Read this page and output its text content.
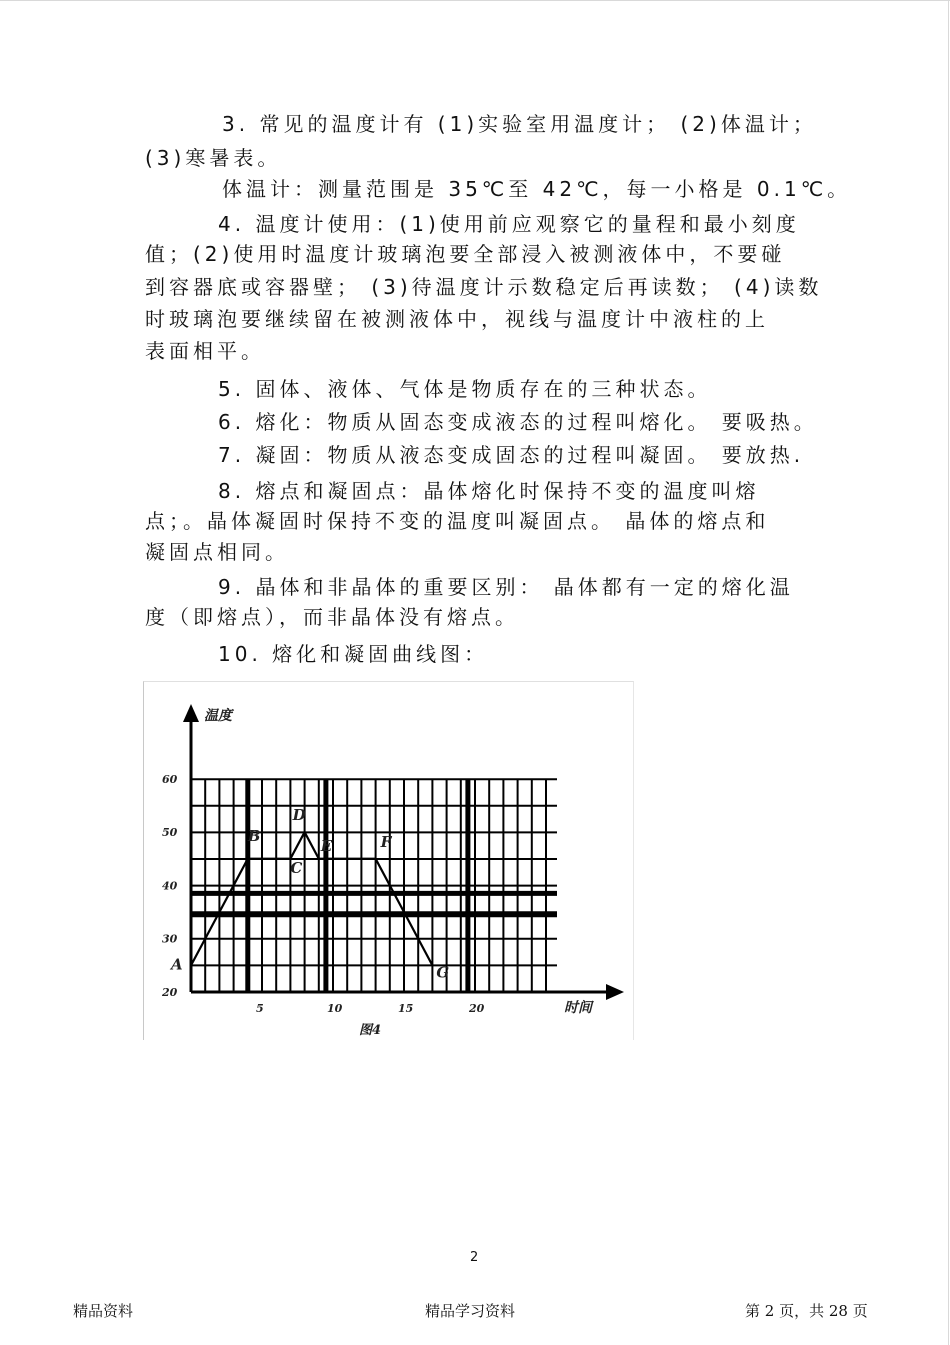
3. 常见的温度计有 (1)实验室用温度计； (2)体温计；
(3)寒暑表。
体温计：测量范围是 35℃至 42℃，每一小格是 0.1℃。
4. 温度计使用：(1)使用前应观察它的量程和最小刻度
值；(2)使用时温度计玻璃泡要全部浸入被测液体中，不要碰
到容器底或容器壁； (3)待温度计示数稳定后再读数； (4)读数
时玻璃泡要继续留在被测液体中，视线与温度计中液柱的上
表面相平。
5. 固体、液体、气体是物质存在的三种状态。
6. 熔化：物质从固态变成液态的过程叫熔化。 要吸热。
7. 凝固：物质从液态变成固态的过程叫凝固。 要放热.
8. 熔点和凝固点：晶体熔化时保持不变的温度叫熔
点；。晶体凝固时保持不变的温度叫凝固点。 晶体的熔点和
凝固点相同。
9. 晶体和非晶体的重要区别： 晶体都有一定的熔化温
度（即熔点），而非晶体没有熔点。
10. 熔化和凝固曲线图：
A
B
C
D
E	F
G
20
30
40
50
60
5	10	15	20
温度
时间
图4
2
精品资料	精品学习资料	第 2 页，共 28 页
